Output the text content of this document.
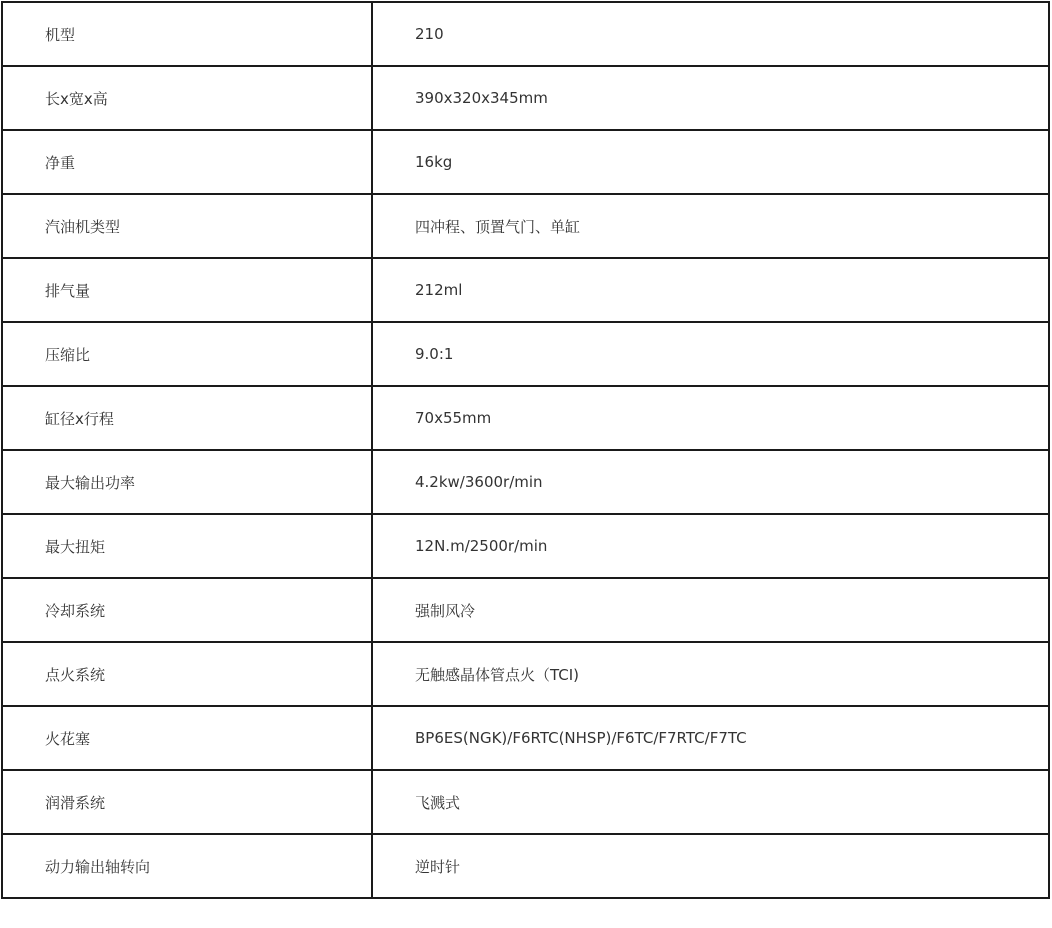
机型	210
长x宽x高	390x320x345mm
净重	16kg
汽油机类型	四冲程、顶置气门、单缸
排气量	212ml
压缩比	9.0:1
缸径x行程	70x55mm
最大输出功率	4.2kw/3600r/min
最大扭矩	12N.m/2500r/min
冷却系统	强制风冷
点火系统	无触感晶体管点火（TCI)
火花塞	BP6ES(NGK)/F6RTC(NHSP)/F6TC/F7RTC/F7TC
润滑系统	飞溅式
动力输出轴转向	逆时针
